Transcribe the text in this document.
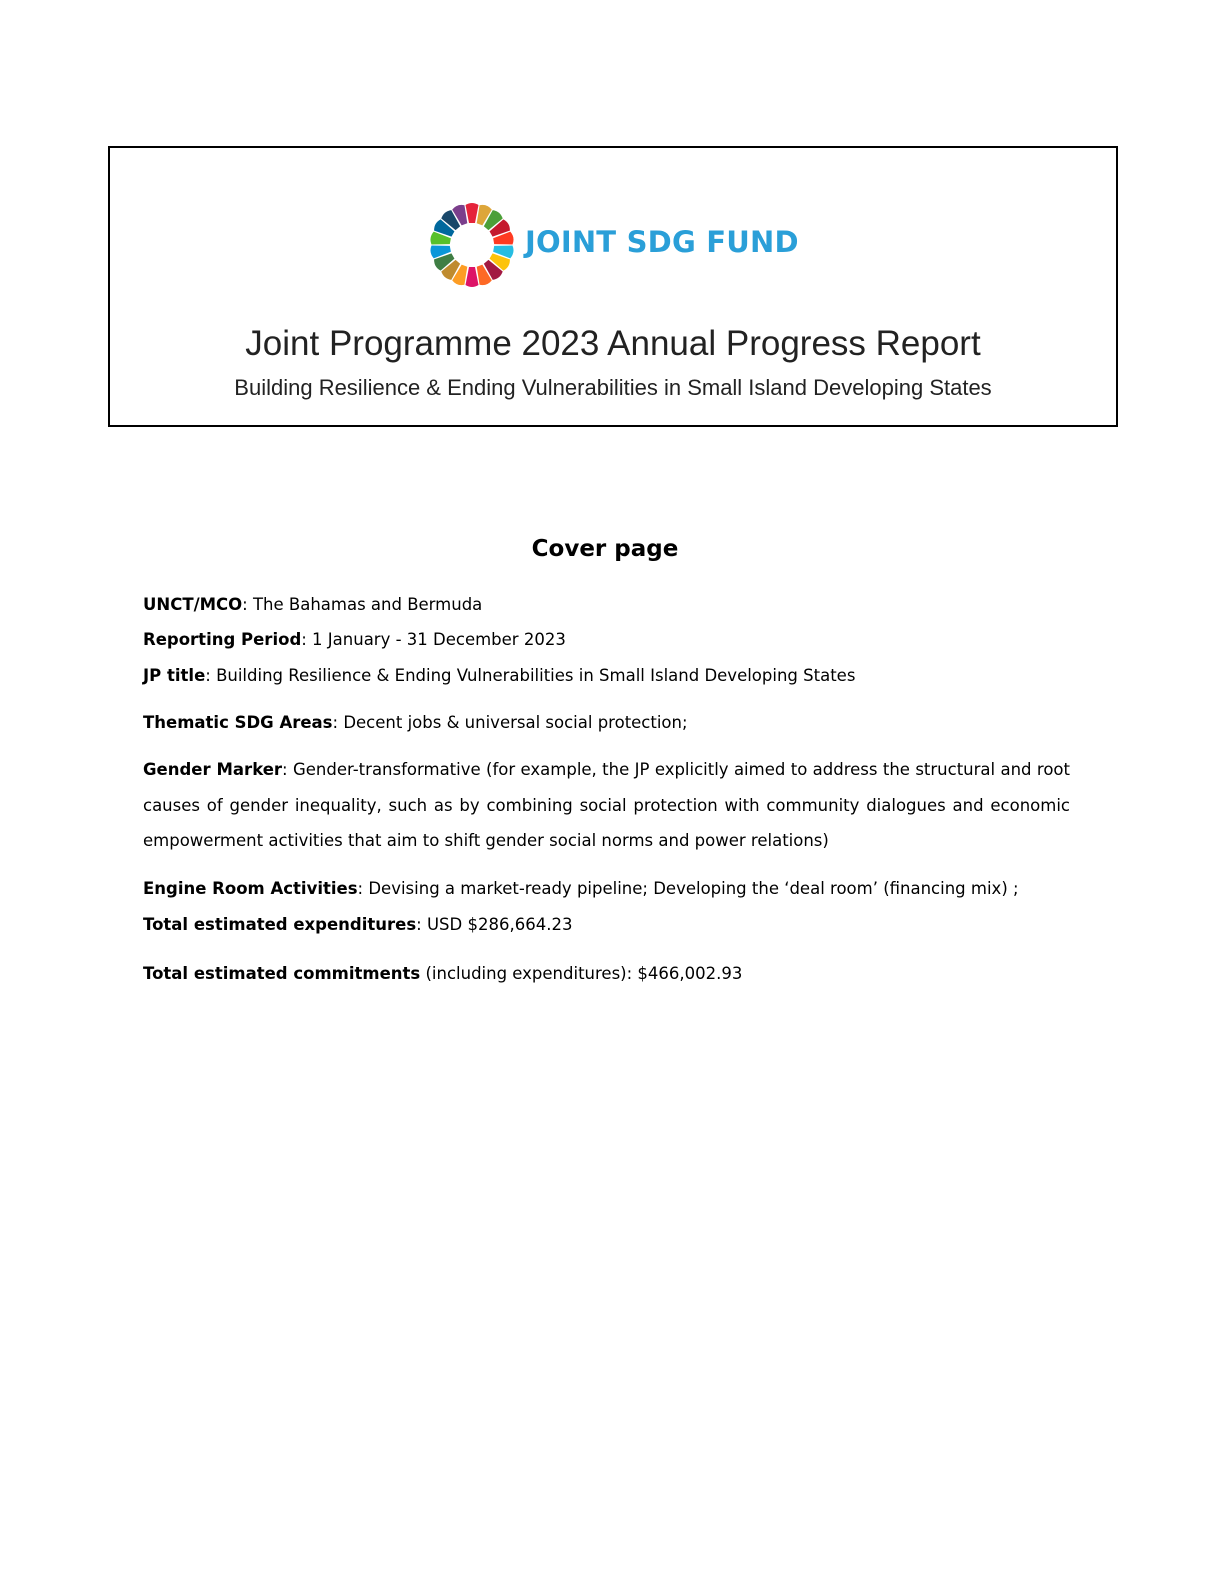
JOINT SDG FUND
Joint Programme 2023 Annual Progress Report
Building Resilience & Ending Vulnerabilities in Small Island Developing States
Cover page
UNCT/MCO: The Bahamas and Bermuda
Reporting Period: 1 January - 31 December 2023
JP title: Building Resilience & Ending Vulnerabilities in Small Island Developing States
Thematic SDG Areas: Decent jobs & universal social protection;
Gender Marker: Gender-transformative (for example, the JP explicitly aimed to address the structural and root causes of gender inequality, such as by combining social protection with community dialogues and economic empowerment activities that aim to shift gender social norms and power relations)
Engine Room Activities: Devising a market-ready pipeline; Developing the ‘deal room’ (financing mix) ;
Total estimated expenditures: USD $286,664.23
Total estimated commitments (including expenditures): $466,002.93
